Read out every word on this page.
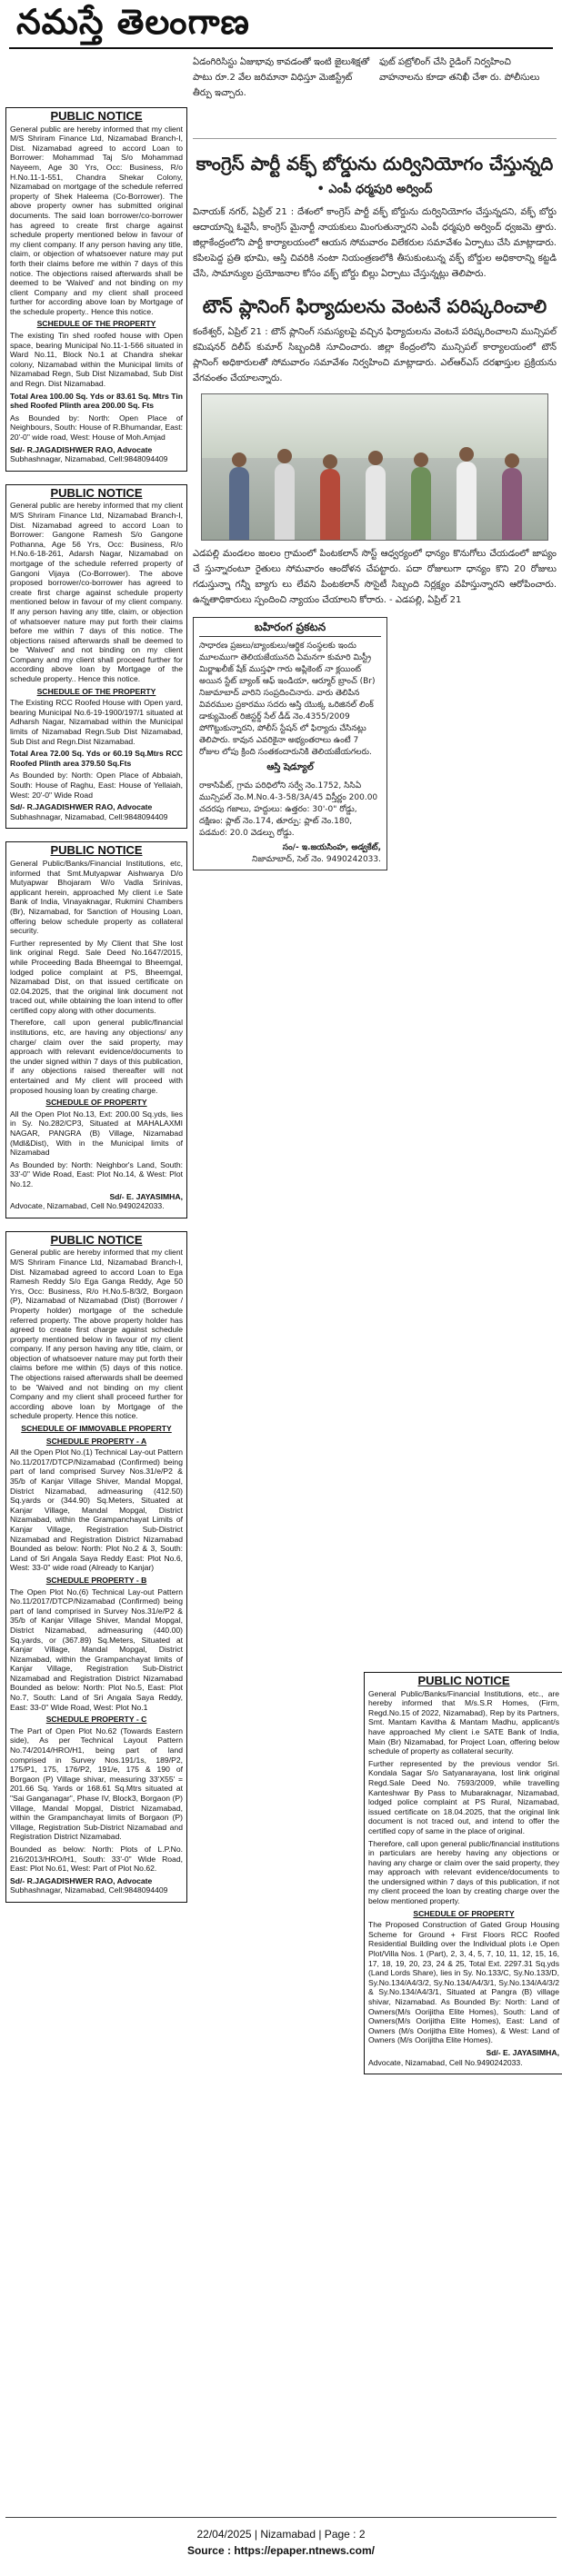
నమస్తే తెలంగాణ
PUBLIC NOTICE

General public are hereby informed that my client M/S Shriram Finance Ltd, Nizamabad Branch-I, Dist. Nizamabad agreed to accord Loan to Borrower: Mohammad Taj S/o Mohammad Nayeem, Age 30 Yrs, Occ: Business, R/o H.No.11-1-551, Chandra Shekar Colony, Nizamabad on mortgage of the schedule referred property of Shek Haleema (Co-Borrower). The above property owner has submitted original documents. The said loan borrower/co-borrower has agreed to create first charge against schedule property mentioned below in favour of my client company. If any person having any title, claim, or objection of whatsoever nature may put forth their claims before me within 7 days of this notice. The objections raised afterwards shall be deemed to be 'Waived' and not binding on my client Company and my client shall proceed further for according above loan by Mortgage of the schedule property.. Hence this notice.

SCHEDULE OF THE PROPERTY

The existing Tin shed roofed house with Open space, bearing Municipal No.11-1-566 situated in Ward No.11, Block No.1 at Chandra shekar colony, Nizamabad within the Municipal limits of Nizamabad Regn, Sub Dist Nizamabad, Sub Dist and Regn. Dist Nizamabad.

Total Area 100.00 Sq. Yds or 83.61 Sq. Mtrs Tin shed Roofed Plinth area 200.00 Sq. Fts

As Bounded by: North: Open Place of Neighbours, South: House of R.Bhumandar, East: 20'-0" wide road, West: House of Moh.Amjad

Sd/- R.JAGADISHWER RAO, Advocate

Subhashnagar, Nizamabad, Cell:9848094409

PUBLIC NOTICE

General public are hereby informed that my client M/S Shriram Finance Ltd, Nizamabad Branch-I, Dist. Nizamabad agreed to accord Loan to Borrower: Gangone Ramesh S/o Gangone Pothanna, Age 56 Yrs, Occ: Business, R/o H.No.6-18-261, Adarsh Nagar, Nizamabad on mortgage of the schedule referred property of Gangoni Vijaya (Co-Borrower). The above proposed borrower/co-borrower has agreed to create first charge against schedule property mentioned below in favour of my client company. If any person having any title, claim, or objection of whatsoever nature may put forth their claims before me within 7 days of this notice. The objections raised afterwards shall be deemed to be 'Waived' and not binding on my client Company and my client shall proceed further for according above loan by Mortgage of the schedule property.. Hence this notice.

SCHEDULE OF THE PROPERTY

The Existing RCC Roofed House with Open yard, bearing Municipal No.6-19-1900/197/1 situated at Adharsh Nagar, Nizamabad within the Municipal limits of Nizamabad Regn.Sub Dist Nizamabad, Sub Dist and Regn.Dist Nizamabad.

Total Area 72.00 Sq. Yds or 60.19 Sq.Mtrs RCC Roofed Plinth area 379.50 Sq.Fts

As Bounded by: North: Open Place of Abbaiah, South: House of Raghu, East: House of Yellaiah, West: 20'-0" Wide Road

Sd/- R.JAGADISHWER RAO, Advocate

Subhashnagar, Nizamabad, Cell:9848094409

PUBLIC NOTICE

General Public/Banks/Financial Institutions, etc, informed that Smt.Mutyapwar Aishwarya D/o Mutyapwar Bhojaram W/o Vadla Srinivas, applicant herein, approached My client i.e Sate Bank of India, Vinayaknagar, Rukmini Chambers (Br), Nizamabad, for Sanction of Housing Loan, offering below schedule property as collateral security.

Further represented by My Client that She lost link original Regd. Sale Deed No.1647/2015, while Proceeding Bada Bheemgal to Bheemgal, lodged police complaint at PS, Bheemgal, Nizamabad Dist, on that issued certificate on 02.04.2025, that the original link document not traced out, while obtaining the loan intend to offer certified copy along with other documents.

Therefore, call upon general public/financial institutions, etc, are having any objections/ any charge/ claim over the said property, may approach with relevant evidence/documents to the under signed within 7 days of this publication, if any objections raised thereafter will not entertained and My client will proceed with proposed housing loan by creating charge.

SCHEDULE OF PROPERTY

All the Open Plot No.13, Ext: 200.00 Sq.yds, lies in Sy. No.282/CP3, Situated at MAHALAXMI NAGAR, PANGRA (B) Village, Nizamabad (Mdl&Dist), With in the Municipal limits of Nizamabad

As Bounded by: North: Neighbor's Land, South: 33'-0" Wide Road, East: Plot No.14, & West: Plot No.12.

Sd/- E. JAYASIMHA,

Advocate, Nizamabad, Cell No.9490242033.

PUBLIC NOTICE

General public are hereby informed that my client M/S Shriram Finance Ltd, Nizamabad Branch-I, Dist. Nizamabad agreed to accord Loan to Ega Ramesh Reddy S/o Ega Ganga Reddy, Age 50 Yrs, Occ: Business, R/o H.No.5-8/3/2, Borgaon (P), Nizamabad of Nizamabad (Dist) (Borrower / Property holder) mortgage of the schedule referred property. The above property holder has agreed to create first charge against schedule property mentioned below in favour of my client company. If any person having any title, claim, or objection of whatsoever nature may put forth their claims before me within (5) days of this notice. The objections raised afterwards shall be deemed to be 'Waived and not binding on my client Company and my client shall proceed further for according above loan by Mortgage of the schedule property. Hence this notice.

SCHEDULE OF IMMOVABLE PROPERTY
SCHEDULE PROPERTY - A

All the Open Plot No.(1) Technical Lay-out Pattern No.11/2017/DTCP/Nizamabad (Confirmed) being part of land comprised Survey Nos.31/e/P2 & 35/b of Kanjar Village Shiver, Mandal Mopgal, District Nizamabad, admeasuring (412.50) Sq.yards or (344.90) Sq.Meters, Situated at Kanjar Village, Mandal Mopgal, District Nizamabad, within the Grampanchayat Limits of Kanjar Village, Registration Sub-District Nizamabad and Registration District Nizamabad Bounded as below: North: Plot No.2 & 3, South: Land of Sri Angala Saya Reddy East: Plot No.6, West: 33-0" wide road (Already to Kanjar)

SCHEDULE PROPERTY - B

The Open Plot No.(6) Technical Lay-out Pattern No.11/2017/DTCP/Nizamabad (Confirmed) being part of land comprised in Survey Nos.31/e/P2 & 35/b of Kanjar Village Shiver, Mandal Mopgal, District Nizamabad, admeasuring (440.00) Sq.yards, or (367.89) Sq.Meters, Situated at Kanjar Village, Mandal Mopgal, District Nizamabad, within the Grampanchayat limits of Kanjar Village, Registration Sub-District Nizamabad and Registration District Nizamabad Bounded as below: North: Plot No.5, East: Plot No.7, South: Land of Sri Angala Saya Reddy, East: 33-0" Wide Road, West: Plot No.1

SCHEDULE PROPERTY - C

The Part of Open Plot No.62 (Towards Eastern side), As per Technical Layout Pattern No.74/2014/HRO/H1, being part of land comprised in Survey Nos.191/1s, 189/P2, 175/P1, 175, 176/P2, 191/e, 175 & 190 of Borgaon (P) Village shivar, measuring 33'X55' = 201.66 Sq. Yards or 168.61 Sq.Mtrs situated at "Sai Ganganagar", Phase IV, Block3, Borgaon (P) Village, Mandal Mopgal, District Nizamabad, within the Grampanchayat limits of Borgaon (P) Village, Registration Sub-District Nizamabad and Registration District Nizamabad.

Bounded as below: North: Plots of L.P.No. 216/2013/HRO/H1, South: 33'-0" Wide Road, East: Plot No.61, West: Part of Plot No.62.

Sd/- R.JAGADISHWER RAO, Advocate

Subhashnagar, Nizamabad, Cell:9848094409

ఏడంగిరిసిస్టు ఏజుభావు కావడంతో ఇంటి జైలుశిక్షతో పాటు రూ.2 వేల జరిమానా విధిస్తూ మెజిస్ట్రేట్ తీర్పు ఇచ్చారు.
ఫుట్ పట్రోలింగ్ చేసి రైడింగ్ నిర్వహించి వాహనాలను కూడా తనిఖీ చేశా రు. పోలీసులు
కాంగ్రెస్ పార్టీ వక్ఫ్ బోర్డును దుర్వినియోగం చేస్తున్నది
• ఎంపీ ధర్మపురి అర్వింద్
వినాయక్ నగర్, ఏప్రిల్ 21 : దేశంలో కాంగ్రెస్ పార్టీ వక్ఫ్ బోర్డును దుర్వినియోగం చేస్తున్నదని, వక్ఫ్ బోర్డు ఆదాయాన్ని ఓవైసీ, కాంగ్రెస్ మైనార్టీ నాయకులు మింగుతున్నారని ఎంపీ ధర్మపురి అర్వింద్ ధ్వజమె త్తారు. జిల్లాకేంద్రంలోని పార్టీ కార్యాలయంలో ఆయన సోమవారం విలేకరుల సమావేశం ఏర్పాటు చేసి మాట్లాడారు. కపిలపెద్ద ప్రతి భూమి, ఆస్తి చివరికి నంటా నియంత్రణలోకి తీసుకుంటున్న వక్ఫ్ బోర్డుల అధికారాన్ని కట్టడి చేసి, సామాన్యుల ప్రయోజనాల కోసం వక్ఫ్ బోర్డు బిల్లు ఏర్పాటు చేస్తున్నట్లు తెలిపారు.
టౌన్ ప్లానింగ్ ఫిర్యాదులను వెంటనే పరిష్కరించాలి
కంఠేశ్వర్, ఏప్రిల్ 21 : టౌన్ ప్లానింగ్ సమస్యలపై వచ్చిన ఫిర్యాదులను వెంటనే పరిష్కరించాలని మున్సిపల్ కమిషనర్ దిలీప్ కుమార్ సిబ్బందికి సూచించారు. జిల్లా కేంద్రంలోని మున్సిపల్ కార్యాలయంలో టౌన్ ప్లానింగ్ అధికారులతో సోమవారం సమావేశం నిర్వహించి మాట్లాడారు. ఎల్ఆర్ఎస్ దరఖాస్తుల ప్రక్రియను వేగవంతం చేయాలన్నారు.

ఎడపల్లి మండలం జంలం గ్రామంలో పింటకలాన్ సొస్ట్ ఆధ్వర్యంలో ధాన్యం కొనుగోలు చేయడంలో జాప్యం చే స్తున్నారంటూ రైతులు సోమవారం ఆందోళన చేపట్టారు. పదా రోజులుగా ధాన్యం కొని 20 రోజులు గడుస్తున్నా గన్నీ బ్యాగు లు లేవని పింటకలాన్ సొసైటీ సిబ్బంది నిర్లక్ష్యం వహిస్తున్నారని ఆరోపించారు. ఉన్నతాధికారులు స్పందించి న్యాయం చేయాలని కోరారు. - ఎడపల్లి, ఏప్రిల్ 21

బహిరంగ ప్రకటన

సాధారణ ప్రజలు/బ్యాంకులు/ఆర్థిక సంస్థలకు ఇందు మూలముగా తెలియజేయునది ఏమనగా కుమారి మిస్ట్రీ మిర్జాఖలీజ్ షేక్ ముస్తఫా గారు అప్లికెంట్ నా క్లయింట్ అయిన స్టేట్ బ్యాంక్ ఆఫ్ ఇండియా, ఆర్మూర్ బ్రాంచ్ (Br) నిజామాబాద్ వారిని సంప్రదించినారు. వారు తెలిపిన వివరముల ప్రకారము సదరు ఆస్తి యొక్క ఒరిజినల్ లింక్ డాక్యుమెంట్ రిజిస్టర్డ్ సేల్ డీడ్ నెం.4355/2009 పోగొట్టుకున్నారని, పోలీస్ స్టేషన్ లో ఫిర్యాదు చేసినట్లు తెలిపారు. కావున ఎవరికైనా అభ్యంతరాలు ఉంటే 7 రోజుల లోపు క్రింది సంతకందారునికి తెలియజేయగలరు.

ఆస్తి షెడ్యూల్

రాకాసిపేట్, గ్రామ పరిధిలోని సర్వే నెం.1752, సిసిఏ మున్సిపల్ నెం.M.No.4-3-58/3A/45 విస్తీర్ణం 200.00 చదరపు గజాలు, హద్దులు: ఉత్తరం: 30'-0" రోడ్డు, దక్షిణం: ప్లాట్ నెం.174, తూర్పు: ప్లాట్ నెం.180, పడమర: 20.0 వెడల్పు రోడ్డు.

సం/- ఇ.జయసింహ, అడ్వకేట్,
నిజామాబాద్, సెల్ నెం. 9490242033.
PUBLIC NOTICE

General Public/Banks/Financial Institutions, etc., are hereby informed that M/s.S.R Homes, (Firm, Regd.No.15 of 2022, Nizamabad), Rep by its Partners, Smt. Mantam Kavitha & Mantam Madhu, applicant/s have approached My client i.e SATE Bank of India, Main (Br) Nizamabad, for Project Loan, offering below schedule of property as collateral security.

Further represented by the previous vendor Sri. Kondala Sagar S/o Satyanarayana, lost link original Regd.Sale Deed No. 7593/2009, while travelling Kanteshwar By Pass to Mubaraknagar, Nizamabad, lodged police complaint at PS Rural, Nizamabad, issued certificate on 18.04.2025, that the original link document is not traced out, and intend to offer the certified copy of same in the place of original.

Therefore, call upon general public/financial institutions in particulars are hereby having any objections or having any charge or claim over the said property, they may approach with relevant evidence/documents to the undersigned within 7 days of this publication, if not my client proceed the loan by creating charge over the below mentioned property.

SCHEDULE OF PROPERTY

The Proposed Construction of Gated Group Housing Scheme for Ground + First Floors RCC Roofed Residential Building over the Individual plots i.e Open Plot/Villa Nos. 1 (Part), 2, 3, 4, 5, 7, 10, 11, 12, 15, 16, 17, 18, 19, 20, 23, 24 & 25, Total Ext. 2297.31 Sq.yds (Land Lords Share), lies in Sy. No.133/C, Sy.No.133/D, Sy.No.134/A4/3/2, Sy.No.134/A4/3/1, Sy.No.134/A4/3/2 & Sy.No.134/A4/3/1, Situated at Pangra (B) village shivar, Nizamabad. As Bounded By: North: Land of Owners(M/s Oorijitha Elite Homes), South: Land of Owners(M/s Oorijitha Elite Homes), East: Land of Owners (M/s Oorijitha Elite Homes), & West: Land of Owners (M/s Oorijitha Elite Homes).

Sd/- E. JAYASIMHA,

Advocate, Nizamabad, Cell No.9490242033.

22/04/2025 | Nizamabad | Page : 2
Source : https://epaper.ntnews.com/
